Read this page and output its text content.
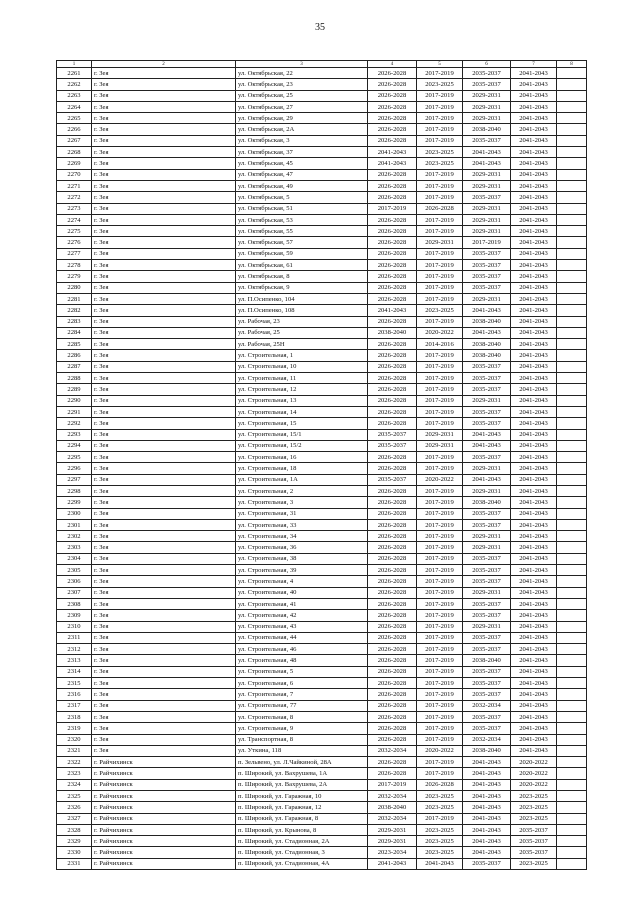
35
1	2	3	4	5	6	7	8
2261	г. Зея	ул. Октябрьская, 22	2026-2028	2017-2019	2035-2037	2041-2043	
2262	г. Зея	ул. Октябрьская, 23	2026-2028	2023-2025	2035-2037	2041-2043	
2263	г. Зея	ул. Октябрьская, 25	2026-2028	2017-2019	2029-2031	2041-2043	
2264	г. Зея	ул. Октябрьская, 27	2026-2028	2017-2019	2029-2031	2041-2043	
2265	г. Зея	ул. Октябрьская, 29	2026-2028	2017-2019	2029-2031	2041-2043	
2266	г. Зея	ул. Октябрьская, 2А	2026-2028	2017-2019	2038-2040	2041-2043	
2267	г. Зея	ул. Октябрьская, 3	2026-2028	2017-2019	2035-2037	2041-2043	
2268	г. Зея	ул. Октябрьская, 37	2041-2043	2023-2025	2041-2043	2041-2043	
2269	г. Зея	ул. Октябрьская, 45	2041-2043	2023-2025	2041-2043	2041-2043	
2270	г. Зея	ул. Октябрьская, 47	2026-2028	2017-2019	2029-2031	2041-2043	
2271	г. Зея	ул. Октябрьская, 49	2026-2028	2017-2019	2029-2031	2041-2043	
2272	г. Зея	ул. Октябрьская, 5	2026-2028	2017-2019	2035-2037	2041-2043	
2273	г. Зея	ул. Октябрьская, 51	2017-2019	2026-2028	2029-2031	2041-2043	
2274	г. Зея	ул. Октябрьская, 53	2026-2028	2017-2019	2029-2031	2041-2043	
2275	г. Зея	ул. Октябрьская, 55	2026-2028	2017-2019	2029-2031	2041-2043	
2276	г. Зея	ул. Октябрьская, 57	2026-2028	2029-2031	2017-2019	2041-2043	
2277	г. Зея	ул. Октябрьская, 59	2026-2028	2017-2019	2035-2037	2041-2043	
2278	г. Зея	ул. Октябрьская, 61	2026-2028	2017-2019	2035-2037	2041-2043	
2279	г. Зея	ул. Октябрьская, 8	2026-2028	2017-2019	2035-2037	2041-2043	
2280	г. Зея	ул. Октябрьская, 9	2026-2028	2017-2019	2035-2037	2041-2043	
2281	г. Зея	ул. П.Осипенко, 104	2026-2028	2017-2019	2029-2031	2041-2043	
2282	г. Зея	ул. П.Осипенко, 108	2041-2043	2023-2025	2041-2043	2041-2043	
2283	г. Зея	ул. Рабочая, 23	2026-2028	2017-2019	2038-2040	2041-2043	
2284	г. Зея	ул. Рабочая, 25	2038-2040	2020-2022	2041-2043	2041-2043	
2285	г. Зея	ул. Рабочая, 25Н	2026-2028	2014-2016	2038-2040	2041-2043	
2286	г. Зея	ул. Строительная, 1	2026-2028	2017-2019	2038-2040	2041-2043	
2287	г. Зея	ул. Строительная, 10	2026-2028	2017-2019	2035-2037	2041-2043	
2288	г. Зея	ул. Строительная, 11	2026-2028	2017-2019	2035-2037	2041-2043	
2289	г. Зея	ул. Строительная, 12	2026-2028	2017-2019	2035-2037	2041-2043	
2290	г. Зея	ул. Строительная, 13	2026-2028	2017-2019	2029-2031	2041-2043	
2291	г. Зея	ул. Строительная, 14	2026-2028	2017-2019	2035-2037	2041-2043	
2292	г. Зея	ул. Строительная, 15	2026-2028	2017-2019	2035-2037	2041-2043	
2293	г. Зея	ул. Строительная, 15/1	2035-2037	2029-2031	2041-2043	2041-2043	
2294	г. Зея	ул. Строительная, 15/2	2035-2037	2029-2031	2041-2043	2041-2043	
2295	г. Зея	ул. Строительная, 16	2026-2028	2017-2019	2035-2037	2041-2043	
2296	г. Зея	ул. Строительная, 18	2026-2028	2017-2019	2029-2031	2041-2043	
2297	г. Зея	ул. Строительная, 1А	2035-2037	2020-2022	2041-2043	2041-2043	
2298	г. Зея	ул. Строительная, 2	2026-2028	2017-2019	2029-2031	2041-2043	
2299	г. Зея	ул. Строительная, 3	2026-2028	2017-2019	2038-2040	2041-2043	
2300	г. Зея	ул. Строительная, 31	2026-2028	2017-2019	2035-2037	2041-2043	
2301	г. Зея	ул. Строительная, 33	2026-2028	2017-2019	2035-2037	2041-2043	
2302	г. Зея	ул. Строительная, 34	2026-2028	2017-2019	2029-2031	2041-2043	
2303	г. Зея	ул. Строительная, 36	2026-2028	2017-2019	2029-2031	2041-2043	
2304	г. Зея	ул. Строительная, 38	2026-2028	2017-2019	2035-2037	2041-2043	
2305	г. Зея	ул. Строительная, 39	2026-2028	2017-2019	2035-2037	2041-2043	
2306	г. Зея	ул. Строительная, 4	2026-2028	2017-2019	2035-2037	2041-2043	
2307	г. Зея	ул. Строительная, 40	2026-2028	2017-2019	2029-2031	2041-2043	
2308	г. Зея	ул. Строительная, 41	2026-2028	2017-2019	2035-2037	2041-2043	
2309	г. Зея	ул. Строительная, 42	2026-2028	2017-2019	2035-2037	2041-2043	
2310	г. Зея	ул. Строительная, 43	2026-2028	2017-2019	2029-2031	2041-2043	
2311	г. Зея	ул. Строительная, 44	2026-2028	2017-2019	2035-2037	2041-2043	
2312	г. Зея	ул. Строительная, 46	2026-2028	2017-2019	2035-2037	2041-2043	
2313	г. Зея	ул. Строительная, 48	2026-2028	2017-2019	2038-2040	2041-2043	
2314	г. Зея	ул. Строительная, 5	2026-2028	2017-2019	2035-2037	2041-2043	
2315	г. Зея	ул. Строительная, 6	2026-2028	2017-2019	2035-2037	2041-2043	
2316	г. Зея	ул. Строительная, 7	2026-2028	2017-2019	2035-2037	2041-2043	
2317	г. Зея	ул. Строительная, 77	2026-2028	2017-2019	2032-2034	2041-2043	
2318	г. Зея	ул. Строительная, 8	2026-2028	2017-2019	2035-2037	2041-2043	
2319	г. Зея	ул. Строительная, 9	2026-2028	2017-2019	2035-2037	2041-2043	
2320	г. Зея	ул. Транспортная, 8	2026-2028	2017-2019	2032-2034	2041-2043	
2321	г. Зея	ул. Уткина, 118	2032-2034	2020-2022	2038-2040	2041-2043	
2322	г. Райчихинск	п. Зельвено, ул. Л.Чайкиной, 28А	2026-2028	2017-2019	2041-2043	2020-2022	
2323	г. Райчихинск	п. Широкий, ул. Вахрушева, 1А	2026-2028	2017-2019	2041-2043	2020-2022	
2324	г. Райчихинск	п. Широкий, ул. Вахрушева, 2А	2017-2019	2026-2028	2041-2043	2020-2022	
2325	г. Райчихинск	п. Широкий, ул. Гаражная, 10	2032-2034	2023-2025	2041-2043	2023-2025	
2326	г. Райчихинск	п. Широкий, ул. Гаражная, 12	2038-2040	2023-2025	2041-2043	2023-2025	
2327	г. Райчихинск	п. Широкий, ул. Гаражная, 8	2032-2034	2017-2019	2041-2043	2023-2025	
2328	г. Райчихинск	п. Широкий, ул. Крынова, 8	2029-2031	2023-2025	2041-2043	2035-2037	
2329	г. Райчихинск	п. Широкий, ул. Стадионная, 2А	2029-2031	2023-2025	2041-2043	2035-2037	
2330	г. Райчихинск	п. Широкий, ул. Стадионная, 3	2023-2034	2023-2025	2041-2043	2035-2037	
2331	г. Райчихинск	п. Широкий, ул. Стадионная, 4А	2041-2043	2041-2043	2035-2037	2023-2025	
